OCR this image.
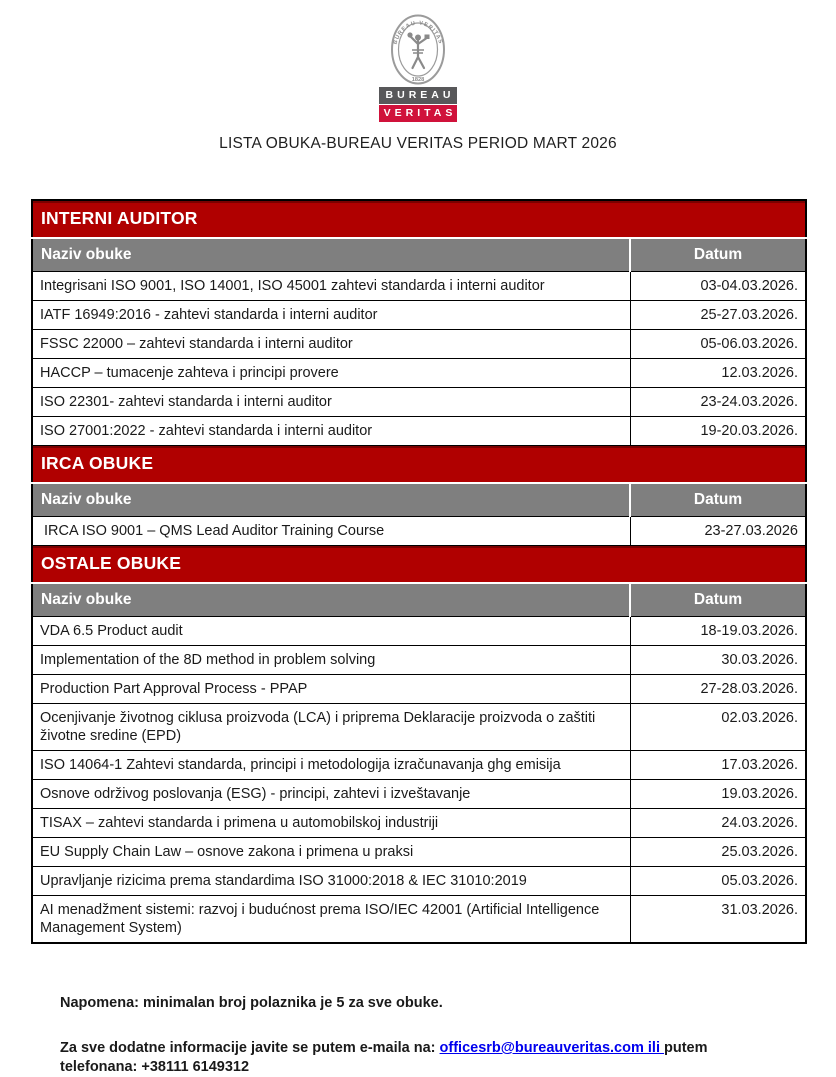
BUREAU VERITAS
1828
BUREAU
VERITAS
LISTA OBUKA-BUREAU VERITAS PERIOD MART 2026
INTERNI AUDITOR	
Naziv obuke	Datum
Integrisani ISO 9001, ISO 14001, ISO 45001 zahtevi standarda i interni auditor	03-04.03.2026.
IATF 16949:2016 - zahtevi standarda i interni auditor	25-27.03.2026.
FSSC 22000 – zahtevi standarda i interni auditor	05-06.03.2026.
HACCP – tumacenje zahteva i principi provere	12.03.2026.
ISO 22301- zahtevi standarda i interni auditor	23-24.03.2026.
ISO 27001:2022 - zahtevi standarda i interni auditor	19-20.03.2026.
IRCA OBUKE	
Naziv obuke	Datum
IRCA ISO 9001 – QMS Lead Auditor Training Course	23-27.03.2026
OSTALE OBUKE	
Naziv obuke	Datum
VDA 6.5 Product audit	18-19.03.2026.
Implementation of the 8D method in problem solving	30.03.2026.
Production Part Approval Process - PPAP	27-28.03.2026.
Ocenjivanje životnog ciklusa proizvoda (LCA) i priprema Deklaracije proizvoda o zaštiti životne sredine (EPD)	02.03.2026.
ISO 14064-1 Zahtevi standarda, principi i metodologija izračunavanja ghg emisija	17.03.2026.
Osnove održivog poslovanja (ESG) - principi, zahtevi i izveštavanje	19.03.2026.
TISAX – zahtevi standarda i primena u automobilskoj industriji	24.03.2026.
EU Supply Chain Law – osnove zakona i primena u praksi	25.03.2026.
Upravljanje rizicima prema standardima ISO 31000:2018 & IEC 31010:2019	05.03.2026.
AI menadžment sistemi: razvoj i budućnost prema ISO/IEC 42001 (Artificial Intelligence Management System)	31.03.2026.

Napomena: minimalan broj polaznika je 5 za sve obuke.

Za sve dodatne informacije javite se putem e-maila na: officesrb@bureauveritas.com ili putem
telefonana: +38111 6149312
